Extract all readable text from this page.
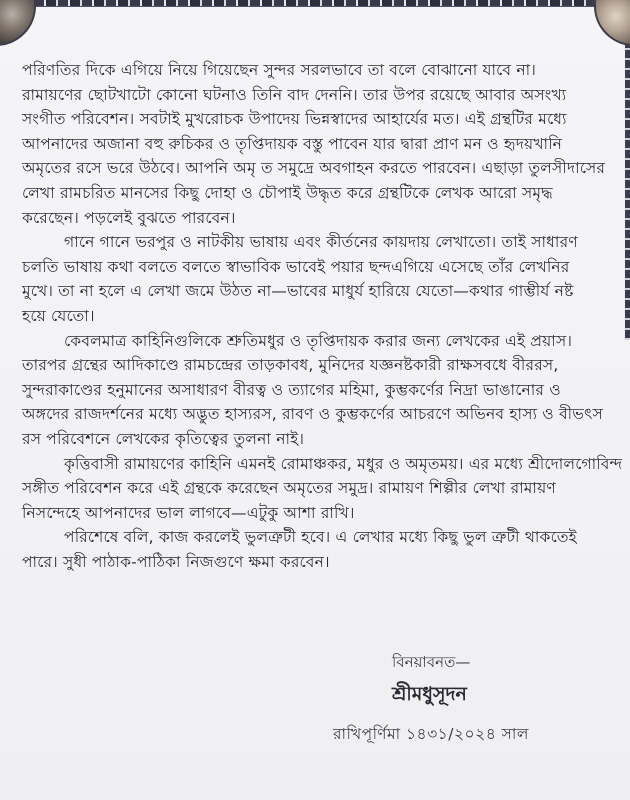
পরিণতির দিকে এগিয়ে নিয়ে গিয়েছেন সুন্দর সরলভাবে তা বলে বোঝানো যাবে না।
রামায়ণের ছোটখাটো কোনো ঘটনাও তিনি বাদ দেননি। তার উপর রয়েছে আবার অসংখ্য
সংগীত পরিবেশন। সবটাই মুখরোচক উপাদেয় ভিন্নস্বাদের আহার্যের মত। এই গ্রন্থটির মধ্যে
আপনাদের অজানা বহু রুচিকর ও তৃপ্তিদায়ক বস্তু পাবেন যার দ্বারা প্রাণ মন ও হৃদয়খানি
অমৃতের রসে ভরে উঠবে। আপনি অমৃ ত সমুদ্রে অবগাহন করতে পারবেন। এছাড়া তুলসীদাসের
লেখা রামচরিত মানসের কিছু দোহা ও চৌপাই উদ্ধৃত করে গ্রন্থটিকে লেখক আরো সমৃদ্ধ
করেছেন। পড়লেই বুঝতে পারবেন।

গানে গানে ভরপুর ও নাটকীয় ভাষায় এবং কীর্তনের কায়দায় লেখাতো। তাই সাধারণ
চলতি ভাষায় কথা বলতে বলতে স্বাভাবিক ভাবেই পয়ার ছন্দএগিয়ে এসেছে তাঁর লেখনির
মুখে। তা না হলে এ লেখা জমে উঠত না—ভাবের মাধুর্য হারিয়ে যেতো—কথার গাম্ভীর্য নষ্ট
হয়ে যেতো।

কেবলমাত্র কাহিনিগুলিকে শ্রুতিমধুর ও তৃপ্তিদায়ক করার জন্য লেখকের এই প্রয়াস।
তারপর গ্রন্থের আদিকাণ্ডে রামচন্দ্রের তাড়কাবধ, মুনিদের যজ্ঞনষ্টকারী রাক্ষসবধে বীররস,
সুন্দরাকাণ্ডের হনুমানের অসাধারণ বীরত্ব ও ত্যাগের মহিমা, কুম্ভকর্ণের নিদ্রা ভাঙানোর ও
অঙ্গদের রাজদর্শনের মধ্যে অদ্ভুত হাস্যরস, রাবণ ও কুম্ভকর্ণের আচরণে অভিনব হাস্য ও বীভৎস
রস পরিবেশনে লেখকের কৃতিত্বের তুলনা নাই।

কৃত্তিবাসী রামায়ণের কাহিনি এমনই রোমাঞ্চকর, মধুর ও অমৃতময়। এর মধ্যে শ্রীদোলগোবিন্দ
সঙ্গীত পরিবেশন করে এই গ্রন্থকে করেছেন অমৃতের সমুদ্র। রামায়ণ শিল্পীর লেখা রামায়ণ
নিসন্দেহে আপনাদের ভাল লাগবে—এটুকু আশা রাখি।

পরিশেষে বলি, কাজ করলেই ভুলত্রুটী হবে। এ লেখার মধ্যে কিছু ভুল ত্রুটী থাকতেই
পারে। সুধী পাঠাক-পাঠিকা নিজগুণে ক্ষমা করবেন।

বিনয়াবনত—
শ্রীমধুসূদন
রাখিপূর্ণিমা ১৪৩১/২০২৪ সাল
